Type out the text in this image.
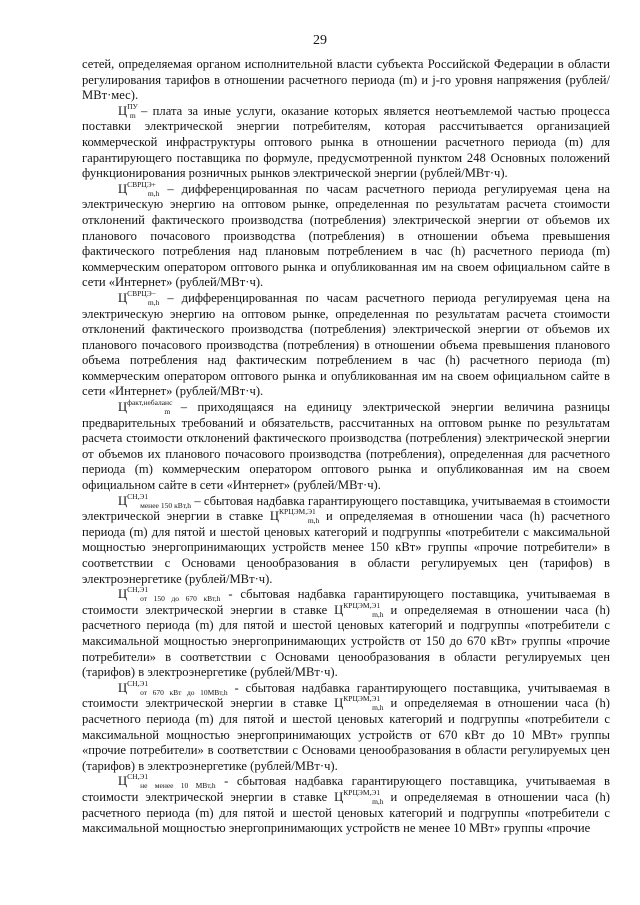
29

сетей, определяемая органом исполнительной власти субъекта Российской Федерации в области регулирования тарифов в отношении расчетного периода (m) и j-го уровня напряжения (рублей/МВт·мес).

$Ц^{ПУ}_m$ – плата за иные услуги, оказание которых является неотъемлемой частью процесса поставки электрической энергии потребителям, которая рассчитывается организацией коммерческой инфраструктуры оптового рынка в отношении расчетного периода (m) для гарантирующего поставщика по формуле, предусмотренной пунктом 248 Основных положений функционирования розничных рынков электрической энергии (рублей/МВт·ч).

$Ц^{СВРЦЭ+}_{m,h}$ – дифференцированная по часам расчетного периода регулируемая цена на электрическую энергию на оптовом рынке, определенная по результатам расчета стоимости отклонений фактического производства (потребления) электрической энергии от объемов их планового почасового производства (потребления) в отношении объема превышения фактического потребления над плановым потреблением в час (h) расчетного периода (m) коммерческим оператором оптового рынка и опубликованная им на своем официальном сайте в сети «Интернет» (рублей/МВт·ч).

$Ц^{СВРЦЭ-}_{m,h}$ – дифференцированная по часам расчетного периода регулируемая цена на электрическую энергию на оптовом рынке, определенная по результатам расчета стоимости отклонений фактического производства (потребления) электрической энергии от объемов их планового почасового производства (потребления) в отношении объема превышения планового объема потребления над фактическим потреблением в час (h) расчетного периода (m) коммерческим оператором оптового рынка и опубликованная им на своем официальном сайте в сети «Интернет» (рублей/МВт·ч).

$Ц^{факт,небаланс}_m$ – приходящаяся на единицу электрической энергии величина разницы предварительных требований и обязательств, рассчитанных на оптовом рынке по результатам расчета стоимости отклонений фактического производства (потребления) электрической энергии от объемов их планового почасового производства (потребления), определенная для расчетного периода (m) коммерческим оператором оптового рынка и опубликованная им на своем официальном сайте в сети «Интернет» (рублей/МВт·ч).

$Ц^{СН,Э1}_{менее 150 кВт,h}$ – сбытовая надбавка гарантирующего поставщика, учитываемая в стоимости электрической энергии в ставке $Ц^{КРЦЭМ,Э1}_{m,h}$ и определяемая в отношении часа (h) расчетного периода (m) для пятой и шестой ценовых категорий и подгруппы «потребители с максимальной мощностью энергопринимающих устройств менее 150 кВт» группы «прочие потребители» в соответствии с Основами ценообразования в области регулируемых цен (тарифов) в электроэнергетике (рублей/МВт·ч).

$Ц^{СН,Э1}_{от 150 до 670 кВт,h}$ - сбытовая надбавка гарантирующего поставщика, учитываемая в стоимости электрической энергии в ставке $Ц^{КРЦЭМ,Э1}_{m,h}$ и определяемая в отношении часа (h) расчетного периода (m) для пятой и шестой ценовых категорий и подгруппы «потребители с максимальной мощностью энергопринимающих устройств от 150 до 670 кВт» группы «прочие потребители» в соответствии с Основами ценообразования в области регулируемых цен (тарифов) в электроэнергетике (рублей/МВт·ч).

$Ц^{СН,Э1}_{от 670 кВт до 10МВт,h}$ - сбытовая надбавка гарантирующего поставщика, учитываемая в стоимости электрической энергии в ставке $Ц^{КРЦЭМ,Э1}_{m,h}$ и определяемая в отношении часа (h) расчетного периода (m) для пятой и шестой ценовых категорий и подгруппы «потребители с максимальной мощностью энергопринимающих устройств от 670 кВт до 10 МВт» группы «прочие потребители» в соответствии с Основами ценообразования в области регулируемых цен (тарифов) в электроэнергетике (рублей/МВт·ч).

$Ц^{СН,Э1}_{не менее 10 МВт,h}$ - сбытовая надбавка гарантирующего поставщика, учитываемая в стоимости электрической энергии в ставке $Ц^{КРЦЭМ,Э1}_{m,h}$ и определяемая в отношении часа (h) расчетного периода (m) для пятой и шестой ценовых категорий и подгруппы «потребители с максимальной мощностью энергопринимающих устройств не менее 10 МВт» группы «прочие
